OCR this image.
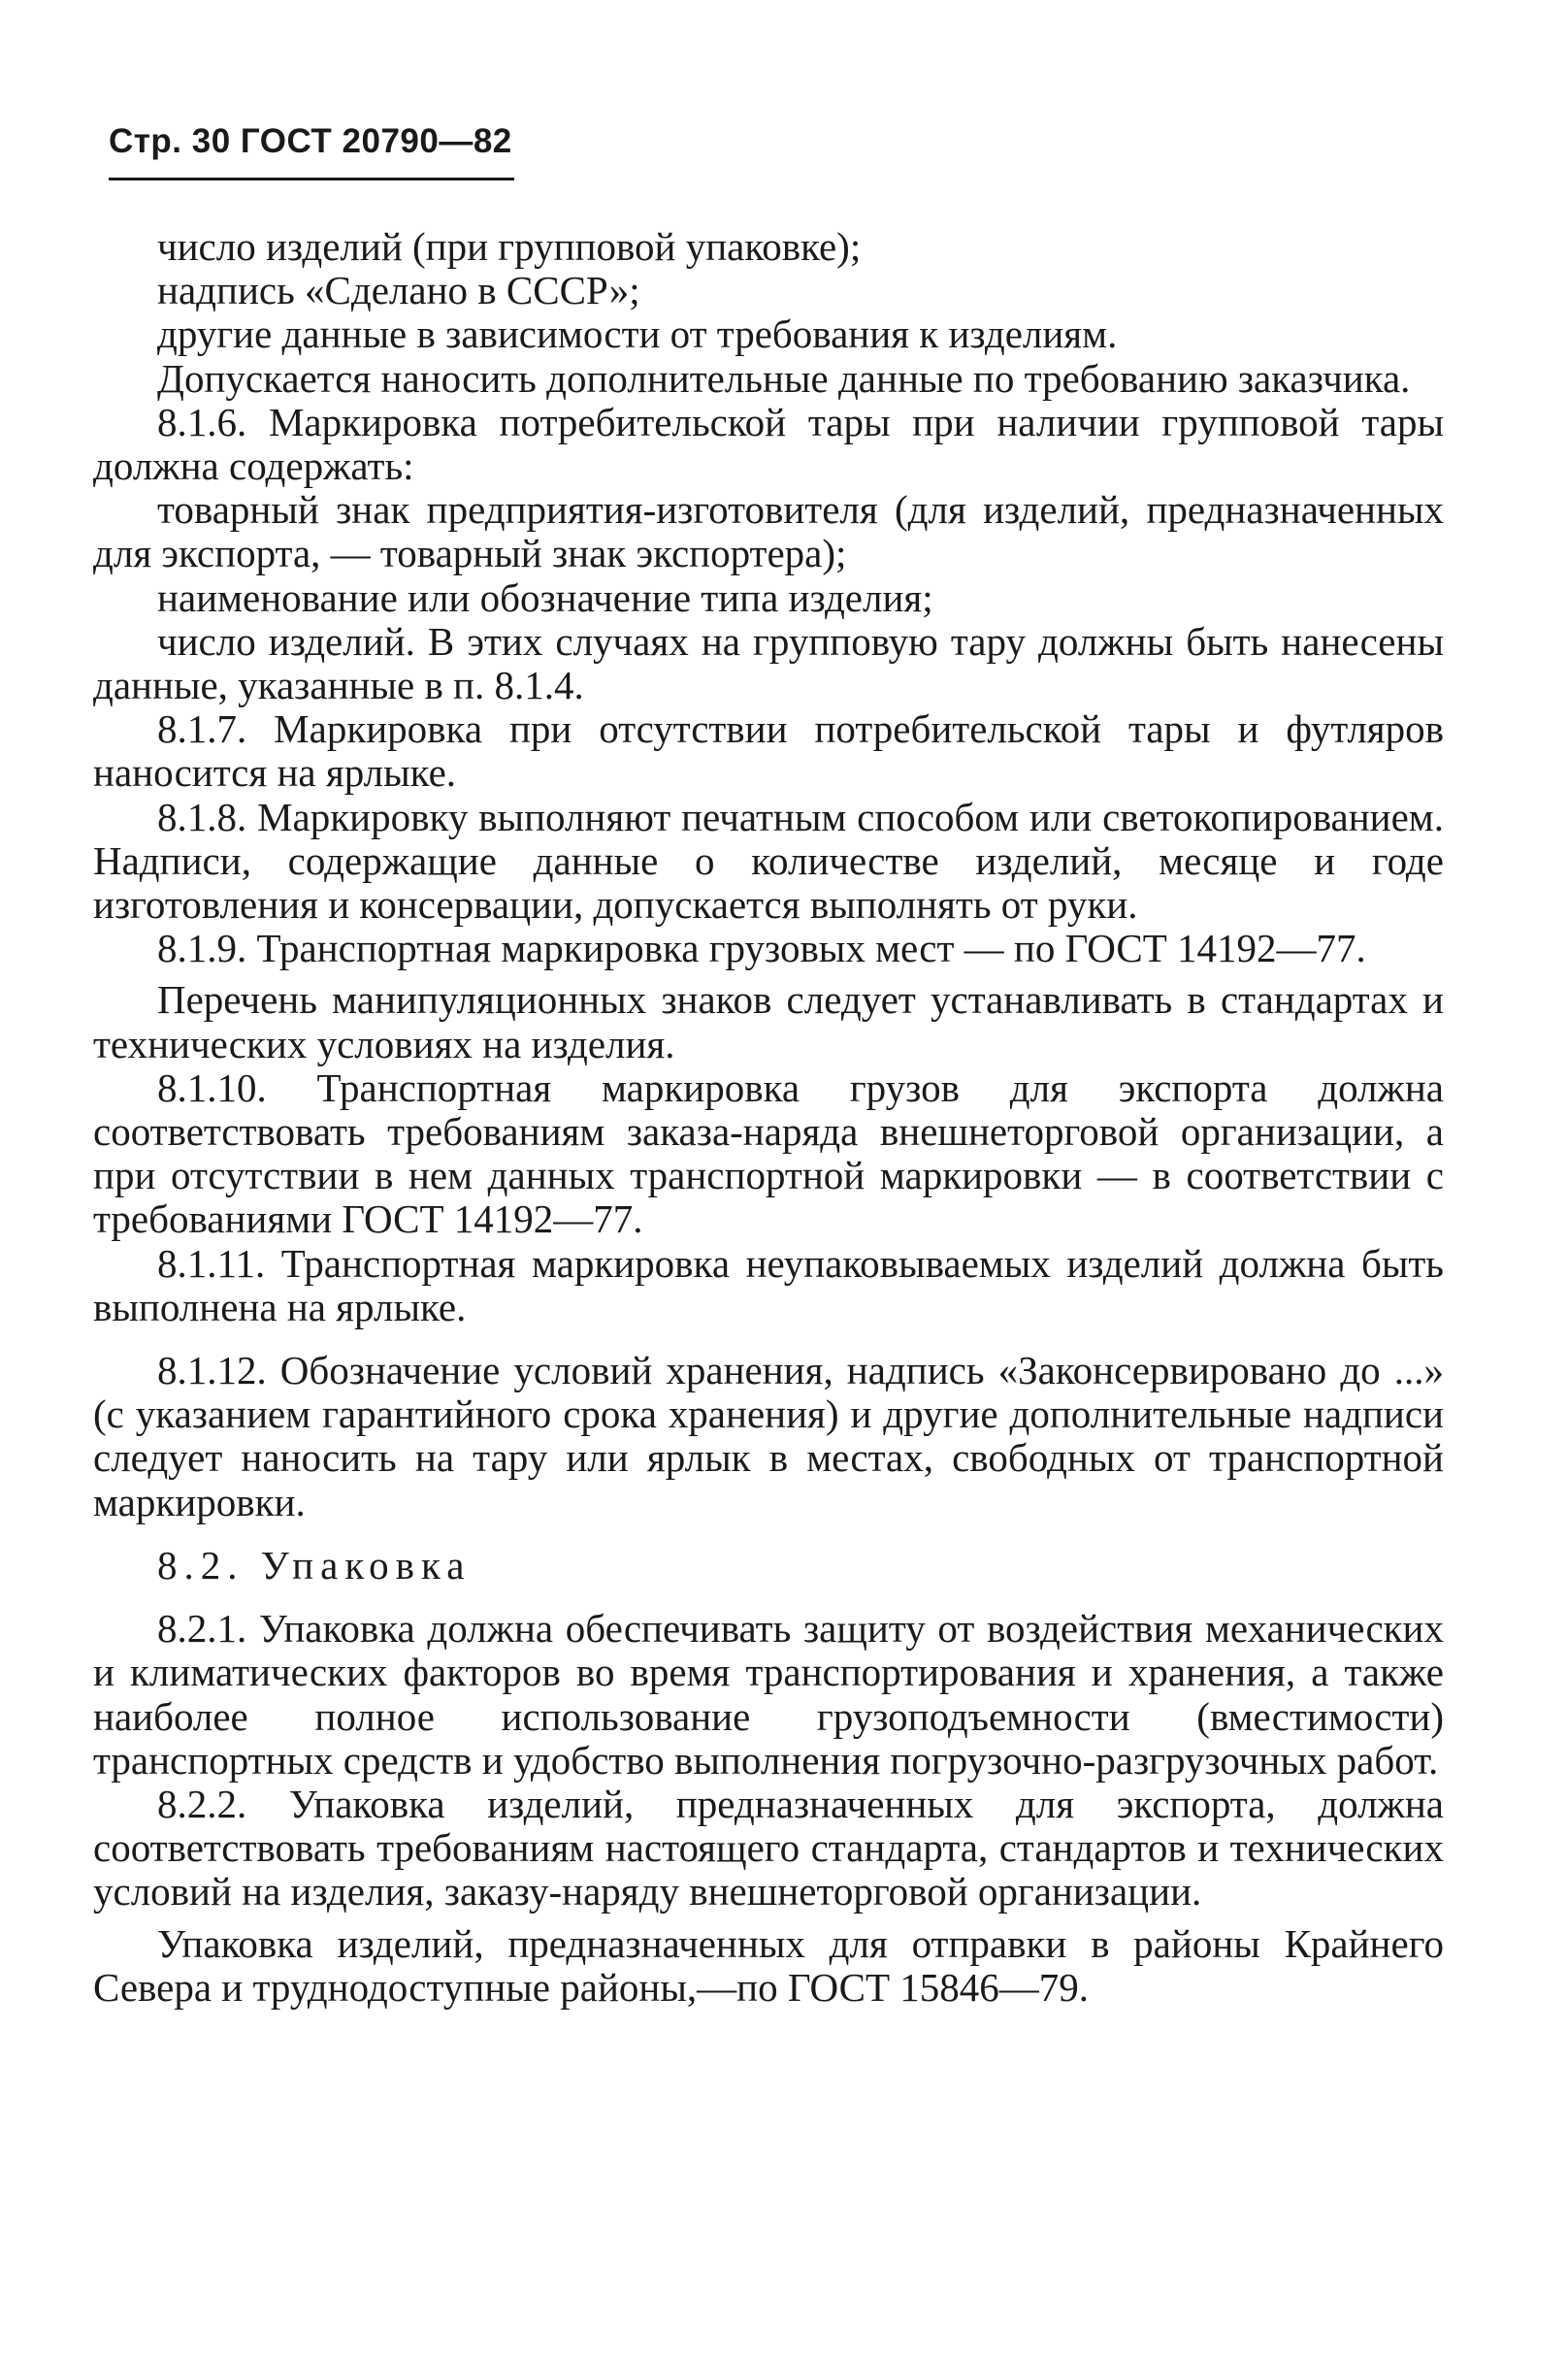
Стр. 30 ГОСТ 20790—82

число изделий (при групповой упаковке);

надпись «Сделано в СССР»;

другие данные в зависимости от требования к изделиям.

Допускается наносить дополнительные данные по требованию заказчика.

8.1.6. Маркировка потребительской тары при наличии групповой тары должна содержать:

товарный знак предприятия-изготовителя (для изделий, предназначенных для экспорта, — товарный знак экспортера);

наименование или обозначение типа изделия;

число изделий. В этих случаях на групповую тару должны быть нанесены данные, указанные в п. 8.1.4.

8.1.7. Маркировка при отсутствии потребительской тары и футляров наносится на ярлыке.

8.1.8. Маркировку выполняют печатным способом или светокопированием. Надписи, содержащие данные о количестве изделий, месяце и годе изготовления и консервации, допускается выполнять от руки.

8.1.9. Транспортная маркировка грузовых мест — по ГОСТ 14192—77.

Перечень манипуляционных знаков следует устанавливать в стандартах и технических условиях на изделия.

8.1.10. Транспортная маркировка грузов для экспорта должна соответствовать требованиям заказа-наряда внешнеторговой организации, а при отсутствии в нем данных транспортной маркировки — в соответствии с требованиями ГОСТ 14192—77.

8.1.11. Транспортная маркировка неупаковываемых изделий должна быть выполнена на ярлыке.

8.1.12. Обозначение условий хранения, надпись «Законсервировано до ...» (с указанием гарантийного срока хранения) и другие дополнительные надписи следует наносить на тару или ярлык в местах, свободных от транспортной маркировки.

8.2. Упаковка

8.2.1. Упаковка должна обеспечивать защиту от воздействия механических и климатических факторов во время транспортирования и хранения, а также наиболее полное использование грузоподъемности (вместимости) транспортных средств и удобство выполнения погрузочно-разгрузочных работ.

8.2.2. Упаковка изделий, предназначенных для экспорта, должна соответствовать требованиям настоящего стандарта, стандартов и технических условий на изделия, заказу-наряду внешнеторговой организации.

Упаковка изделий, предназначенных для отправки в районы Крайнего Севера и труднодоступные районы,—по ГОСТ 15846—79.
